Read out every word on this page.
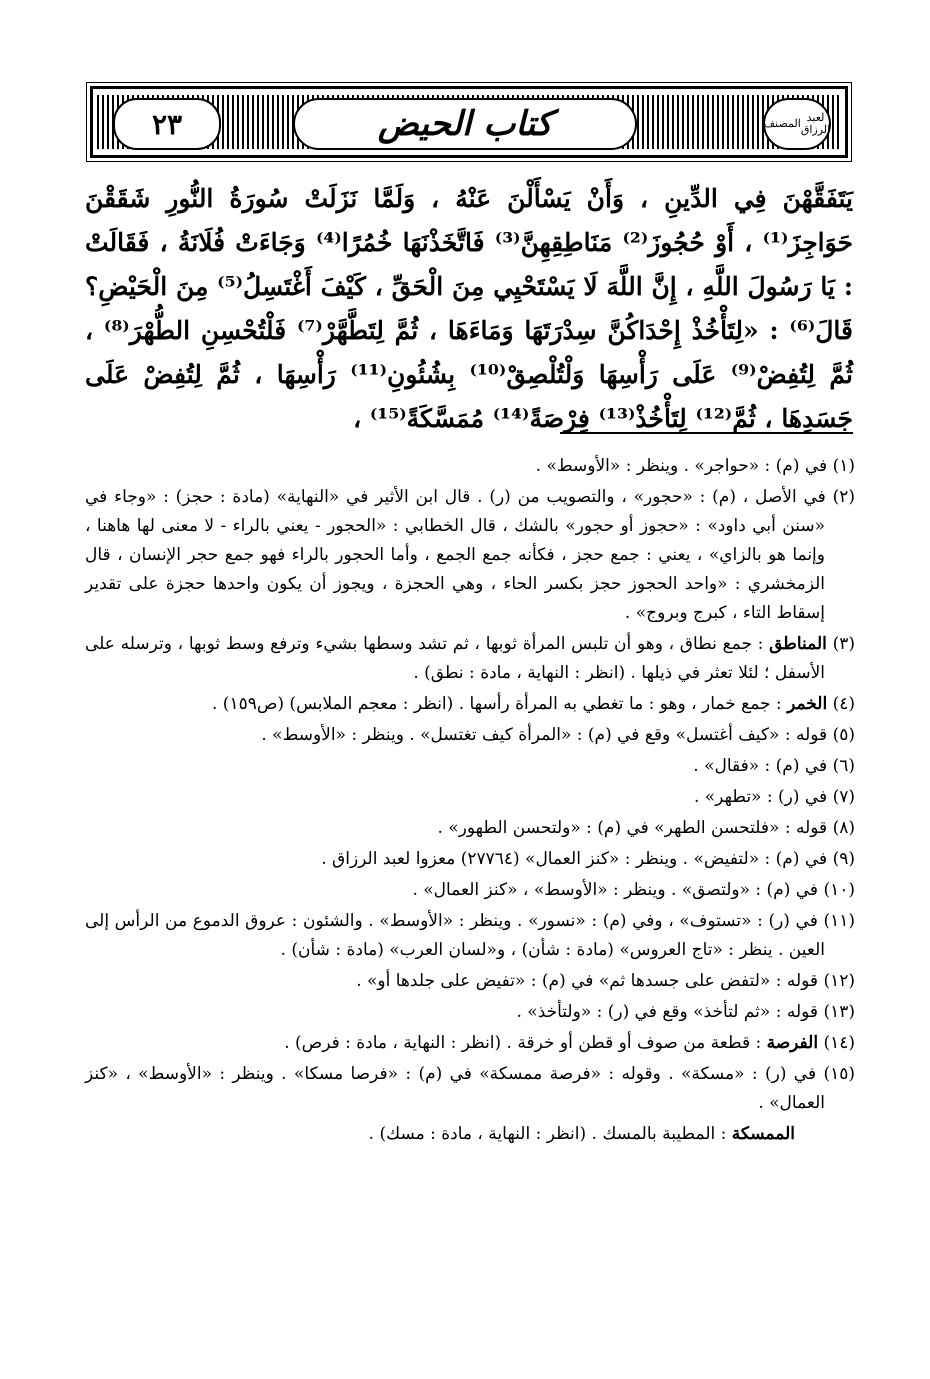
٢٣	كتاب الحيض	المصنف لعبد الرزاق

يَتَفَقَّهْنَ فِي الدِّينِ ، وَأَنْ يَسْأَلْنَ عَنْهُ ، وَلَمَّا نَزَلَتْ سُورَةُ النُّورِ شَقَقْنَ حَوَاجِزَ⁽¹⁾ ، أَوْ حُجُوزَ⁽²⁾ مَنَاطِقِهِنَّ⁽³⁾ فَاتَّخَذْنَهَا خُمُرًا⁽⁴⁾ وَجَاءَتْ فُلَانَةُ ، فَقَالَتْ : يَا رَسُولَ اللَّهِ ، إِنَّ اللَّهَ لَا يَسْتَحْيِي مِنَ الْحَقِّ ، كَيْفَ أَغْتَسِلُ⁽⁵⁾ مِنَ الْحَيْضِ؟ قَالَ⁽⁶⁾ : «لِتَأْخُذْ إِحْدَاكُنَّ سِدْرَتَهَا وَمَاءَهَا ، ثُمَّ لِتَطَّهَّرْ⁽⁷⁾ فَلْتُحْسِنِ الطُّهْرَ⁽⁸⁾ ، ثُمَّ لِتُفِضْ⁽⁹⁾ عَلَى رَأْسِهَا وَلْتُلْصِقْ⁽¹⁰⁾ بِشُئُونِ⁽¹¹⁾ رَأْسِهَا ، ثُمَّ لِتُفِضْ عَلَى جَسَدِهَا ، ثُمَّ⁽¹²⁾ لِتَأْخُذْ⁽¹³⁾ فِرْصَةً⁽¹⁴⁾ مُمَسَّكَةً⁽¹⁵⁾ ،

(١) في (م) : «حواجر» . وينظر : «الأوسط» .

(٢) في الأصل ، (م) : «حجور» ، والتصويب من (ر) . قال ابن الأثير في «النهاية» (مادة : حجز) : «وجاء في «سنن أبي داود» : «حجوز أو حجور» بالشك ، قال الخطابي : «الحجور - يعني بالراء - لا معنى لها هاهنا ، وإنما هو بالزاي» ، يعني : جمع حجز ، فكأنه جمع الجمع ، وأما الحجور بالراء فهو جمع حجر الإنسان ، قال الزمخشري : «واحد الحجوز حجز بكسر الحاء ، وهي الحجزة ، ويجوز أن يكون واحدها حجزة على تقدير إسقاط التاء ، كبرج وبروج» .

(٣) المناطق : جمع نطاق ، وهو أن تلبس المرأة ثوبها ، ثم تشد وسطها بشيء وترفع وسط ثوبها ، وترسله على الأسفل ؛ لئلا تعثر في ذيلها . (انظر : النهاية ، مادة : نطق) .

(٤) الخمر : جمع خمار ، وهو : ما تغطي به المرأة رأسها . (انظر : معجم الملابس) (ص١٥٩) .

(٥) قوله : «كيف أغتسل» وقع في (م) : «المرأة كيف تغتسل» . وينظر : «الأوسط» .

(٦) في (م) : «فقال» .

(٧) في (ر) : «تطهر» .

(٨) قوله : «فلتحسن الطهر» في (م) : «ولتحسن الطهور» .

(٩) في (م) : «لتفيض» . وينظر : «كنز العمال» (٢٧٧٦٤) معزوا لعبد الرزاق .

(١٠) في (م) : «ولتصق» . وينظر : «الأوسط» ، «كنز العمال» .

(١١) في (ر) : «تستوف» ، وفي (م) : «نسور» . وينظر : «الأوسط» . والشئون : عروق الدموع من الرأس إلى العين . ينظر : «تاج العروس» (مادة : شأن) ، و«لسان العرب» (مادة : شأن) .

(١٢) قوله : «لتفض على جسدها ثم» في (م) : «تفيض على جلدها أو» .

(١٣) قوله : «ثم لتأخذ» وقع في (ر) : «ولتأخذ» .

(١٤) الفرصة : قطعة من صوف أو قطن أو خرقة . (انظر : النهاية ، مادة : فرص) .

(١٥) في (ر) : «مسكة» . وقوله : «فرصة ممسكة» في (م) : «فرصا مسكا» . وينظر : «الأوسط» ، «كنز العمال» .

الممسكة : المطيبة بالمسك . (انظر : النهاية ، مادة : مسك) .
